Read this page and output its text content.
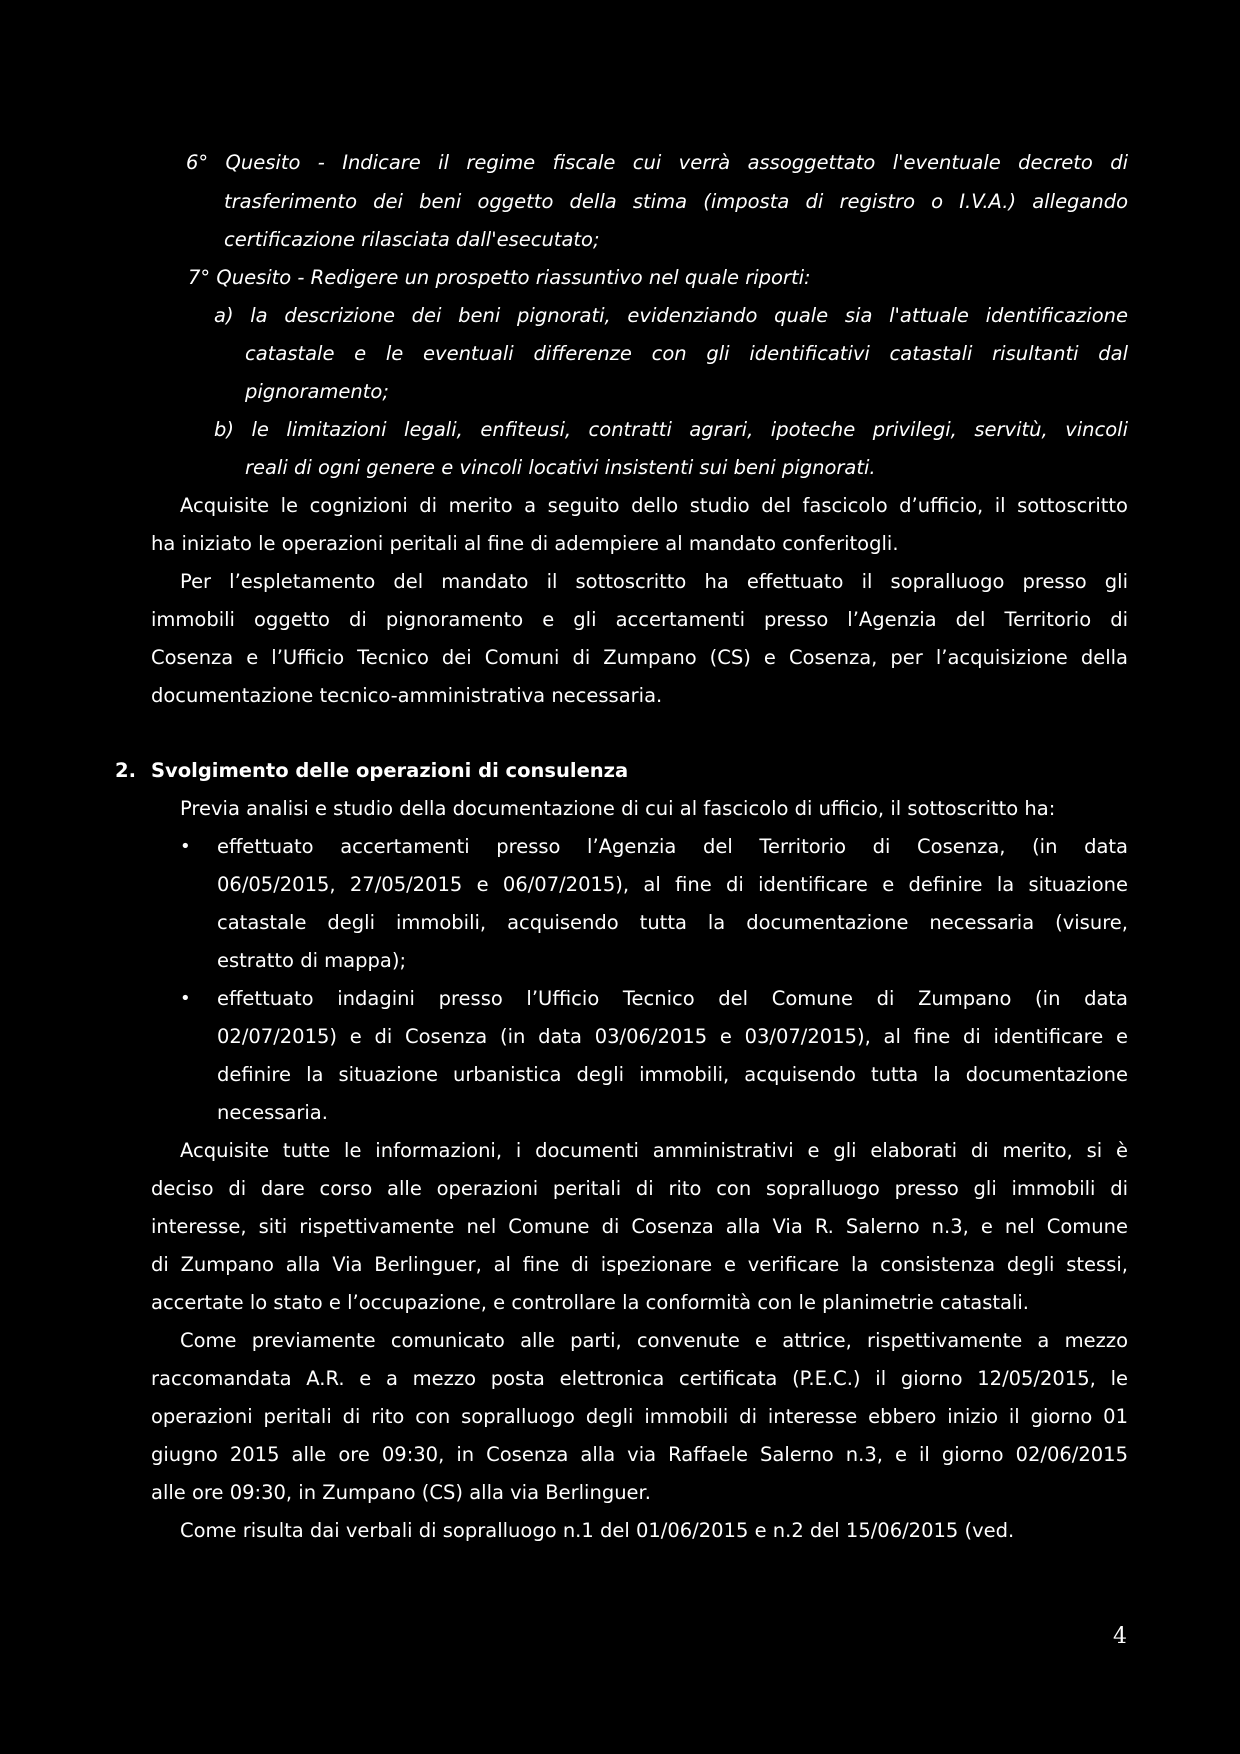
6° Quesito - Indicare il regime fiscale cui verrà assoggettato l'eventuale decreto di
trasferimento dei beni oggetto della stima (imposta di registro o I.V.A.) allegando
certificazione rilasciata dall'esecutato;
7° Quesito - Redigere un prospetto riassuntivo nel quale riporti:
a) la descrizione dei beni pignorati, evidenziando quale sia l'attuale identificazione
catastale e le eventuali differenze con gli identificativi catastali risultanti dal
pignoramento;
b) le limitazioni legali, enfiteusi, contratti agrari, ipoteche privilegi, servitù, vincoli
reali di ogni genere e vincoli locativi insistenti sui beni pignorati.
Acquisite le cognizioni di merito a seguito dello studio del fascicolo d’ufficio, il sottoscritto
ha iniziato le operazioni peritali al fine di adempiere al mandato conferitogli.
Per l’espletamento del mandato il sottoscritto ha effettuato il sopralluogo presso gli
immobili oggetto di pignoramento e gli accertamenti presso l’Agenzia del Territorio di
Cosenza e l’Ufficio Tecnico dei Comuni di Zumpano (CS) e Cosenza, per l’acquisizione della
documentazione tecnico-amministrativa necessaria.
2. Svolgimento delle operazioni di consulenza
Previa analisi e studio della documentazione di cui al fascicolo di ufficio, il sottoscritto ha:
• effettuato accertamenti presso l’Agenzia del Territorio di Cosenza, (in data
06/05/2015, 27/05/2015 e 06/07/2015), al fine di identificare e definire la situazione
catastale degli immobili, acquisendo tutta la documentazione necessaria (visure,
estratto di mappa);
• effettuato indagini presso l’Ufficio Tecnico del Comune di Zumpano (in data
02/07/2015) e di Cosenza (in data 03/06/2015 e 03/07/2015), al fine di identificare e
definire la situazione urbanistica degli immobili, acquisendo tutta la documentazione
necessaria.
Acquisite tutte le informazioni, i documenti amministrativi e gli elaborati di merito, si è
deciso di dare corso alle operazioni peritali di rito con sopralluogo presso gli immobili di
interesse, siti rispettivamente nel Comune di Cosenza alla Via R. Salerno n.3, e nel Comune
di Zumpano alla Via Berlinguer, al fine di ispezionare e verificare la consistenza degli stessi,
accertate lo stato e l’occupazione, e controllare la conformità con le planimetrie catastali.
Come previamente comunicato alle parti, convenute e attrice, rispettivamente a mezzo
raccomandata A.R. e a mezzo posta elettronica certificata (P.E.C.) il giorno 12/05/2015, le
operazioni peritali di rito con sopralluogo degli immobili di interesse ebbero inizio il giorno 01
giugno 2015 alle ore 09:30, in Cosenza alla via Raffaele Salerno n.3, e il giorno 02/06/2015
alle ore 09:30, in Zumpano (CS) alla via Berlinguer.
Come risulta dai verbali di sopralluogo n.1 del 01/06/2015 e n.2 del 15/06/2015 (ved.
4
